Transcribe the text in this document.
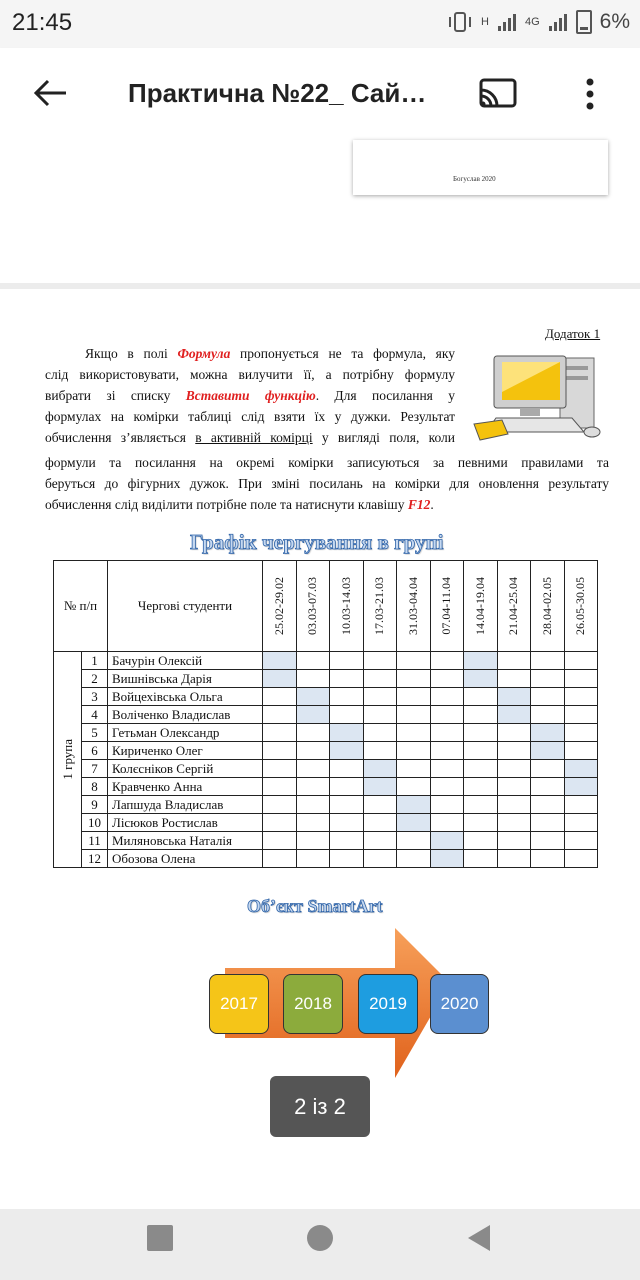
21:45	H	4G	6%
Практична №22_ Сай…
Богуслав 2020
Додаток 1
Якщо в полі Формула пропонується не та формула, яку
слід використовувати, можна вилучити її, а потрібну формулу
вибрати зі списку Вставити функцію. Для посилання у
формулах на комірки таблиці слід взяти їх у дужки. Результат
обчислення з’являється в активній комірці у вигляді поля, коли
формули та посилання на окремі комірки записуються за певними правилами та
беруться до фігурних дужок. При зміні посилань на комірки для оновлення результату
обчислення слід виділити потрібне поле та натиснути клавішу F12.
Графік чергування в групі
№ п/п		Чергові студенти	25.02-29.02	03.03-07.03	10.03-14.03	17.03-21.03	31.03-04.04	07.04-11.04	14.04-19.04	21.04-25.04	28.04-02.05	26.05-30.05

1 група	1	Бачурін Олексій										
	2	Вишнівська Дарія										
	3	Войцехівська Ольга										
	4	Воліченко Владислав										
	5	Гетьман Олександр										
	6	Кириченко Олег										
	7	Колєсніков Сергій										
	8	Кравченко Анна										
	9	Лапшуда Владислав										
	10	Лісюков Ростислав										
	11	Миляновська Наталія										
	12	Обозова Олена										
Об’єкт SmartArt
2017	2018	2019	2020
2 із 2
